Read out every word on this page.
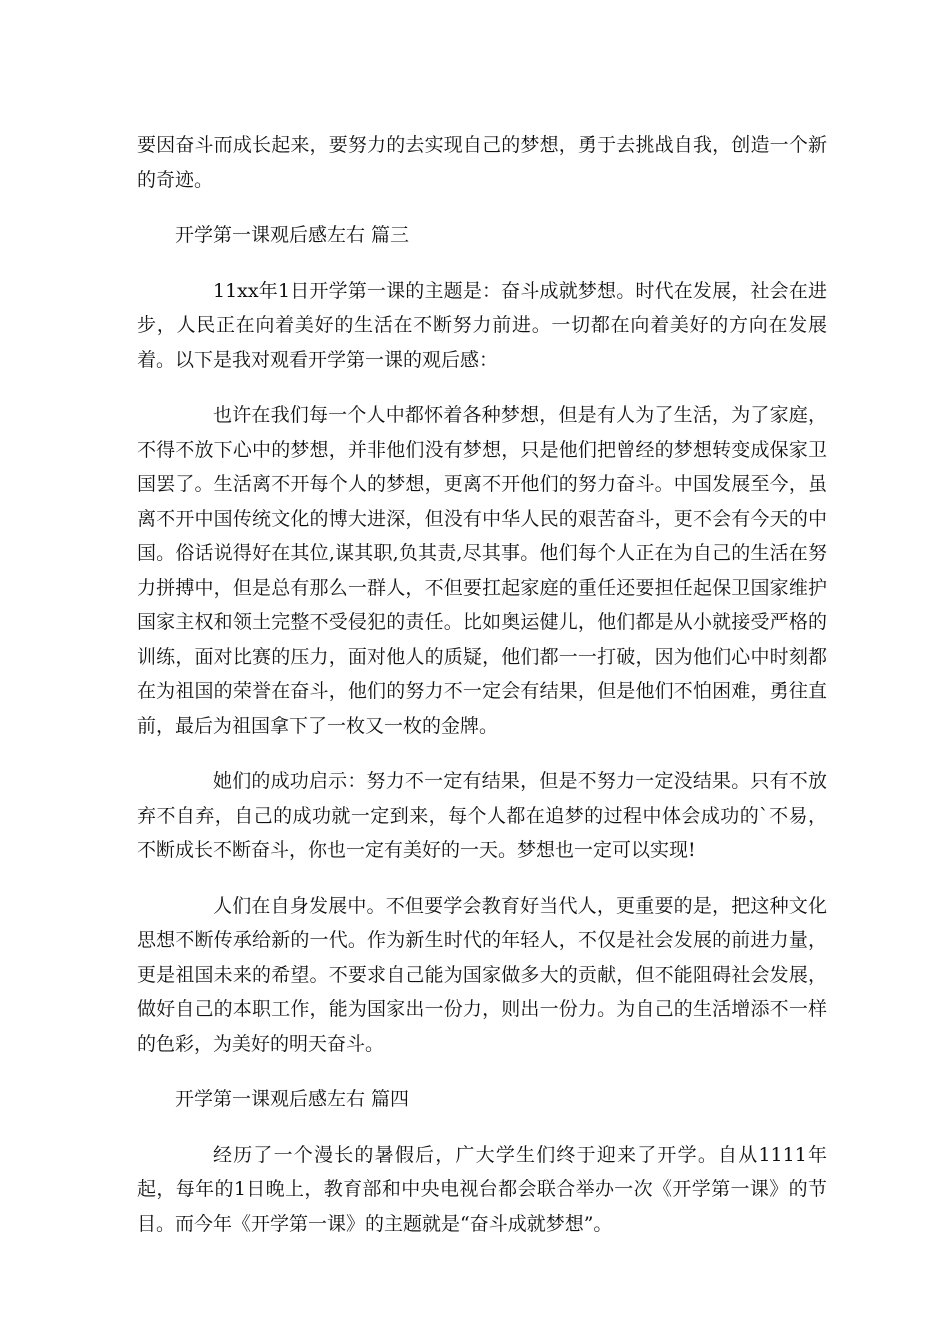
要因奋斗而成长起来，要努力的去实现自己的梦想，勇于去挑战自我，创造一个新的奇迹。

开学第一课观后感左右 篇三

11xx年1日开学第一课的主题是：奋斗成就梦想。时代在发展，社会在进步，人民正在向着美好的生活在不断努力前进。一切都在向着美好的方向在发展着。以下是我对观看开学第一课的观后感：

也许在我们每一个人中都怀着各种梦想，但是有人为了生活，为了家庭，不得不放下心中的梦想，并非他们没有梦想，只是他们把曾经的梦想转变成保家卫国罢了。生活离不开每个人的梦想，更离不开他们的努力奋斗。中国发展至今，虽离不开中国传统文化的博大进深，但没有中华人民的艰苦奋斗，更不会有今天的中国。俗话说得好在其位,谋其职,负其责,尽其事。他们每个人正在为自己的生活在努力拼搏中，但是总有那么一群人，不但要扛起家庭的重任还要担任起保卫国家维护国家主权和领土完整不受侵犯的责任。比如奥运健儿，他们都是从小就接受严格的训练，面对比赛的压力，面对他人的质疑，他们都一一打破，因为他们心中时刻都在为祖国的荣誉在奋斗，他们的努力不一定会有结果，但是他们不怕困难，勇往直前，最后为祖国拿下了一枚又一枚的金牌。

她们的成功启示：努力不一定有结果，但是不努力一定没结果。只有不放弃不自弃，自己的成功就一定到来，每个人都在追梦的过程中体会成功的`不易，不断成长不断奋斗，你也一定有美好的一天。梦想也一定可以实现!

人们在自身发展中。不但要学会教育好当代人，更重要的是，把这种文化思想不断传承给新的一代。作为新生时代的年轻人，不仅是社会发展的前进力量，更是祖国未来的希望。不要求自己能为国家做多大的贡献，但不能阻碍社会发展，做好自己的本职工作，能为国家出一份力，则出一份力。为自己的生活增添不一样的色彩，为美好的明天奋斗。

开学第一课观后感左右 篇四

经历了一个漫长的暑假后，广大学生们终于迎来了开学。自从1111年起，每年的1日晚上，教育部和中央电视台都会联合举办一次《开学第一课》的节目。而今年《开学第一课》的主题就是“奋斗成就梦想”。
